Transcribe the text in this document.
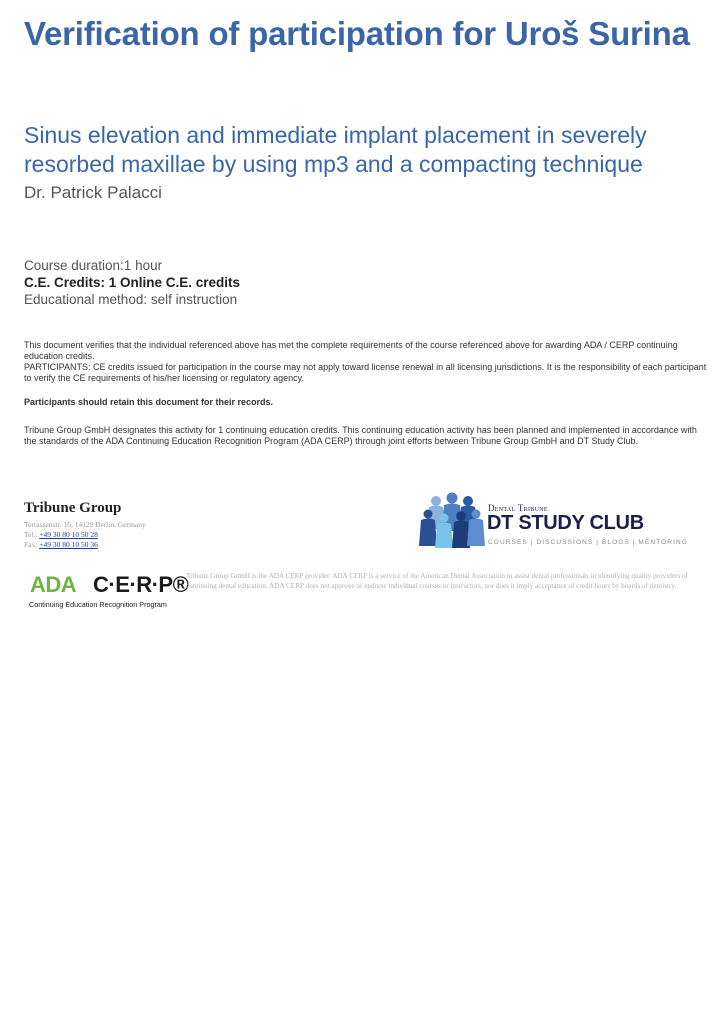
Verification of participation for Uroš Surina
Sinus elevation and immediate implant placement in severely resorbed maxillae by using mp3 and a compacting technique
Dr. Patrick Palacci
Course duration:1 hour
C.E. Credits: 1 Online C.E. credits
Educational method: self instruction

This document verifies that the individual referenced above has met the complete requirements of the course referenced above for awarding ADA / CERP continuing education credits.

PARTICIPANTS: CE credits issued for participation in the course may not apply toward license renewal in all licensing jurisdictions. It is the responsibility of each participant to verify the CE requirements of his/her licensing or regulatory agency.

Participants should retain this document for their records.

Tribune Group GmbH designates this activity for 1 continuing education credits. This continuing education activity has been planned and implemented in accordance with the standards of the ADA Continuing Education Recognition Program (ADA CERP) through joint efforts between Tribune Group GmbH and DT Study Club.

Tribune Group
Terrassenstr. 16, 14129 Berlin, Germany
Tel.: +49 30 80 10 50 28
Fax: +49 30 80 10 50 36
Dental Tribune
DT STUDY CLUB
COURSES | DISCUSSIONS | BLOGS | MENTORING
ADA C·E·R·P®
Continuing Education Recognition Program

Tribune Group GmbH is the ADA CERP provider. ADA CERP is a service of the American Dental Association to assist dental professionals in identifying quality providers of continuing dental education. ADA CERP does not approve or endorse individual courses or instructors, nor does it imply acceptance of credit hours by boards of dentistry.
